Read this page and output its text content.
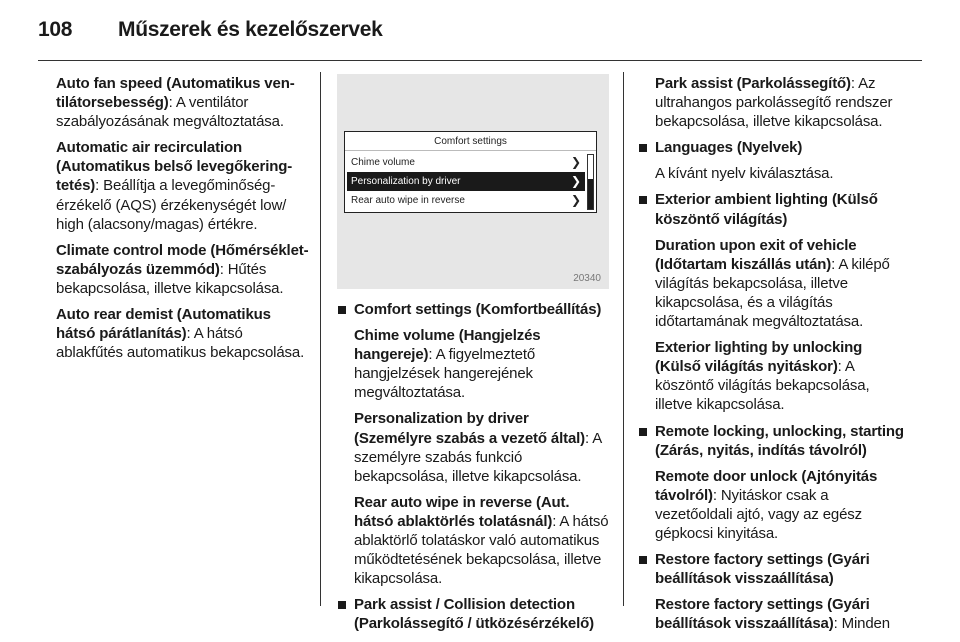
108	Műszerek és kezelőszervek

Auto fan speed (Automatikus ven-tilátorsebesség): A ventilátor szabályozásának megváltoztatása.

Automatic air recirculation (Automatikus belső levegőkering-tetés): Beállítja a levegőminőség-érzékelő (AQS) érzékenységét low/ high (alacsony/magas) értékre.

Climate control mode (Hőmérséklet-szabályozás üzemmód): Hűtés bekapcsolása, illetve kikapcsolása.

Auto rear demist (Automatikus hátsó párátlanítás): A hátsó ablakfűtés automatikus bekapcsolása.

Comfort settings
Chime volume	❯
Personalization by driver	❯
Rear auto wipe in reverse	❯
20340
Comfort settings (Komfortbeállítás)

Chime volume (Hangjelzés hangereje): A figyelmeztető hangjelzések hangerejének megváltoztatása.

Personalization by driver (Személyre szabás a vezető által): A személyre szabás funkció bekapcsolása, illetve kikapcsolása.

Rear auto wipe in reverse (Aut. hátsó ablaktörlés tolatásnál): A hátsó ablaktörlő tolatáskor való automatikus működtetésének bekapcsolása, illetve kikapcsolása.

Park assist / Collision detection (Parkolássegítő / ütközésérzékelő)

Park assist (Parkolássegítő): Az ultrahangos parkolássegítő rendszer bekapcsolása, illetve kikapcsolása.

Languages (Nyelvek)

A kívánt nyelv kiválasztása.

Exterior ambient lighting (Külső köszöntő világítás)

Duration upon exit of vehicle (Időtartam kiszállás után): A kilépő világítás bekapcsolása, illetve kikapcsolása, és a világítás időtartamának megváltoztatása.

Exterior lighting by unlocking (Külső világítás nyitáskor): A köszöntő világítás bekapcsolása, illetve kikapcsolása.

Remote locking, unlocking, starting (Zárás, nyitás, indítás távolról)

Remote door unlock (Ajtónyitás távolról): Nyitáskor csak a vezetőoldali ajtó, vagy az egész gépkocsi kinyitása.

Restore factory settings (Gyári beállítások visszaállítása)

Restore factory settings (Gyári beállítások visszaállítása): Minden
